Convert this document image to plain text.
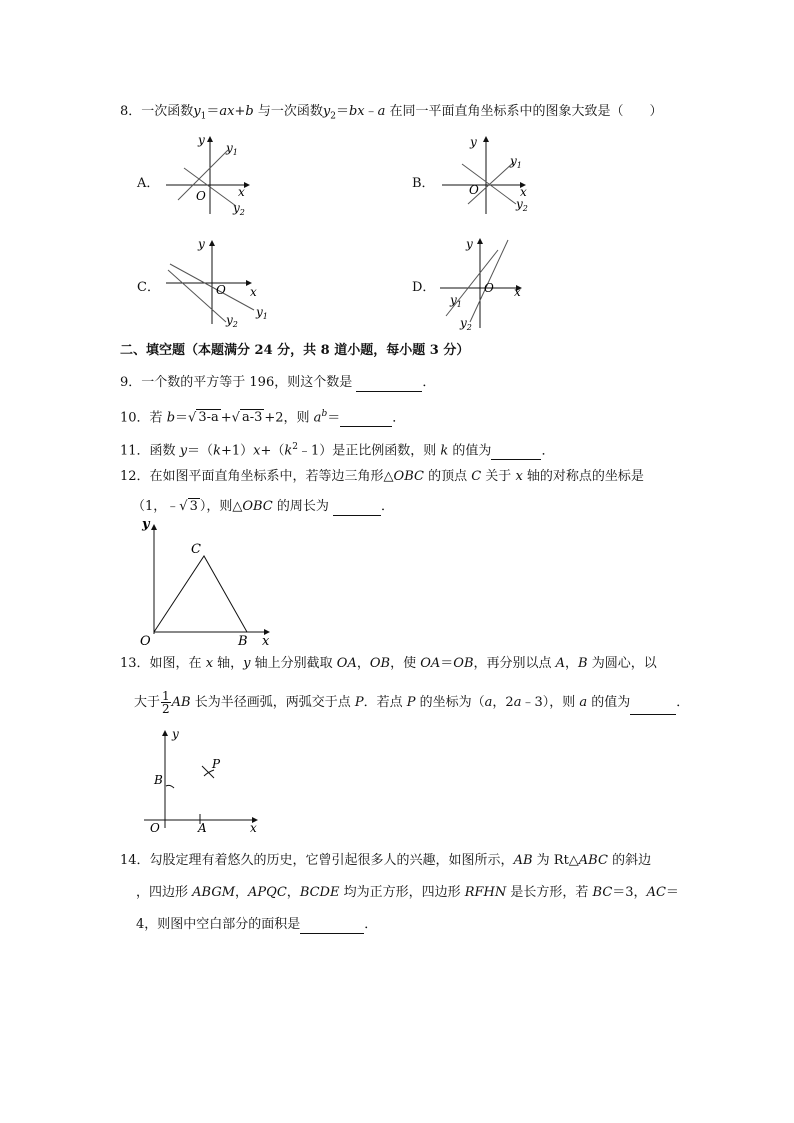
8．一次函数$y_1=ax+b$ 与一次函数$y_2=bx﹣a$ 在同一平面直角坐标系中的图象大致是（　　）
A．	B．
C．	D．
y
$y_1$
O	x
$y_2$
y
$y_1$
O	x
$y_2$
y
O x
$y_1$
$y_2$
y
O x
$y_1$
$y_2$
二、填空题（本题满分 24 分，共 8 道小题，每小题 3 分）
9．一个数的平方等于 196，则这个数是	．
10．若 b＝√ 3-a +√ a-3 +2，则 $a^b=$	．
11．函数 $y=(k+1)x+(k^2﹣1)$是正比例函数，则 k 的值为	．
12．在如图平面直角坐标系中，若等边三角形△OBC 的顶点 C 关于 x 轴的对称点的坐标是
（1，﹣√ 3 ），则△OBC 的周长为	．
y
C
O	B x
13．如图，在 x 轴，y 轴上分别截取 OA，OB，使 OA＝OB，再分别以点 A，B 为圆心，以
大于 $\frac{1}{2}$ AB 长为半径画弧，两弧交于点 P．若点 P 的坐标为（a，2a﹣3），则 a 的值为	．
y
P
B
O	A	x
14．勾股定理有着悠久的历史，它曾引起很多人的兴趣，如图所示，AB 为 Rt△ABC 的斜边
，四边形 ABGM，APQC，BCDE 均为正方形，四边形 RFHN 是长方形，若 BC＝3，AC＝
4，则图中空白部分的面积是	．
